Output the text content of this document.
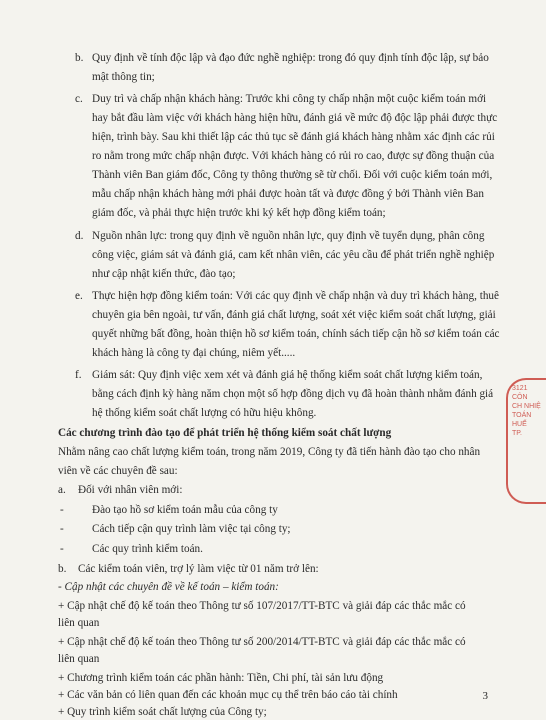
b. Quy định về tính độc lập và đạo đức nghề nghiệp: trong đó quy định tính độc lập, sự bảo
mật thông tin;
c. Duy trì và chấp nhận khách hàng: Trước khi công ty chấp nhận một cuộc kiểm toán mới
hay bắt đầu làm việc với khách hàng hiện hữu, đánh giá về mức độ độc lập phải được thực
hiện, trình bày. Sau khi thiết lập các thủ tục sẽ đánh giá khách hàng nhằm xác định các rủi
ro nằm trong mức chấp nhận được. Với khách hàng có rủi ro cao, được sự đồng thuận của
Thành viên Ban giám đốc, Công ty thông thường sẽ từ chối. Đối với cuộc kiểm toán mới,
mẫu chấp nhận khách hàng mới phải được hoàn tất và được đồng ý bởi Thành viên Ban
giám đốc, và phải thực hiện trước khi ký kết hợp đồng kiểm toán;
d. Nguồn nhân lực: trong quy định về nguồn nhân lực, quy định về tuyển dụng, phân công
công việc, giám sát và đánh giá, cam kết nhân viên, các yêu cầu để phát triển nghề nghiệp
như cập nhật kiến thức, đào tạo;
e. Thực hiện hợp đồng kiểm toán: Với các quy định về chấp nhận và duy trì khách hàng, thuê
chuyên gia bên ngoài, tư vấn, đánh giá chất lượng, soát xét việc kiểm soát chất lượng, giải
quyết những bất đồng, hoàn thiện hồ sơ kiểm toán, chính sách tiếp cận hồ sơ kiểm toán các
khách hàng là công ty đại chúng, niêm yết.....
f. Giám sát: Quy định việc xem xét và đánh giá hệ thống kiểm soát chất lượng kiểm toán,
bằng cách định kỳ hàng năm chọn một số hợp đồng dịch vụ đã hoàn thành nhằm đánh giá
hệ thống kiểm soát chất lượng có hữu hiệu không.
Các chương trình đào tạo để phát triển hệ thống kiểm soát chất lượng
Nhằm nâng cao chất lượng kiểm toán, trong năm 2019, Công ty đã tiến hành đào tạo cho nhân
viên về các chuyên đề sau:
a. Đối với nhân viên mới:
-	Đào tạo hồ sơ kiểm toán mẫu của công ty
-	Cách tiếp cận quy trình làm việc tại công ty;
-	Các quy trình kiểm toán.
b. Các kiểm toán viên, trợ lý làm việc từ 01 năm trở lên:
- Cập nhật các chuyên đề về kế toán – kiểm toán:
+ Cập nhật chế độ kế toán theo Thông tư số 107/2017/TT-BTC và giải đáp các thắc mắc có
liên quan
+ Cập nhật chế độ kế toán theo Thông tư số 200/2014/TT-BTC và giải đáp các thắc mắc có
liên quan
+ Chương trình kiểm toán các phần hành: Tiền, Chi phí, tài sản lưu động
+ Các văn bản có liên quan đến các khoản mục cụ thể trên báo cáo tài chính
+ Quy trình kiểm soát chất lượng của Công ty;
3
3121
CÔN
CH NHIỆ
TOÁN
HUẾ
TP.
